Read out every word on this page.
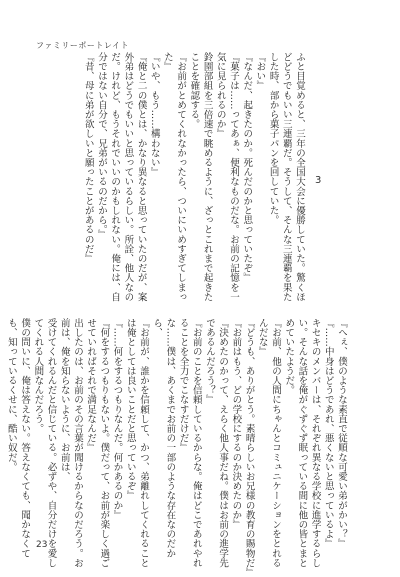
ファミリーポートレイト
3
ふと目覚めると、三年の全国大会に優勝していた。驚くほどどうでもいい三連覇だ。そうして、そんな三連覇を果たした時、部から菓子パンを回していた。
『おい』
『なんだ、起きたのか。死んだのかと思っていたぞ』
『菓子は……ってあぁ、便利なものだな。お前の記憶を一気に見られるのか』
鈴園部組を三倍速で眺めるように、ざっとこれまで起きたことを確認する。
『お前がとめてくれなかったら、ついにいめすぎてしまった』
『いや、もう……構わない』
『俺と二の僕とは、かなり異なると思っていたのだが、案外弟はどうでもいいと思っているらしい。所詮、他人なのだ。けれど、もうそれでいいのかもしれない。俺には、自分ではない自分で、兄弟がいるのだから。』
『昔、母に弟が欲しいと願ったことがあるのだ』
『へぇ、僕のような素直で従順な可愛い弟がかい？』
『……中身はどうであれ、悪くないと思っているよ』
キセキのメンバーは、それぞれ異なる学校に進学するらしい。そんな話を俺がぐずぐず眠っている間に他の皆とまとめていたようだ。
『お前、他の人間にちゃんとコミュニケーションをとれるんだな』
『どうも、ありがとう。素晴らしいお兄様の教育の賜物だ』
『お前はもう、どの学校にするのか決めたのか』
『決めたのかって、えらく他人事だね。僕はお前の進学先であるんだろう？』
『お前のことを信頼しているからな。俺はどこであれやれることを全力でこなすだけだ』
な……僕は、あくまでお前の一部のような存在なのだから、
『お前が、誰かを信頼して、かつ、弟離れしてくれることは俺としては良いことだと思っているぞ』
『……何をするつもりなんだ。何かあるのか』
『何をするつもりもないよ。僕だって、お前が楽しく過ごせていればそれで満足なんだ』
出したのは、お前のその言葉が聞けるからなのだろう。お前は、俺を知らないように、お前は、
受けてくれるんだと信じている。必ずや、自分だけを愛してくれる人間なんだろう。
僕の問いに、俺は答えない。答えなくても、聞かなくても、知っているくせに、酷い奴だ。
23
